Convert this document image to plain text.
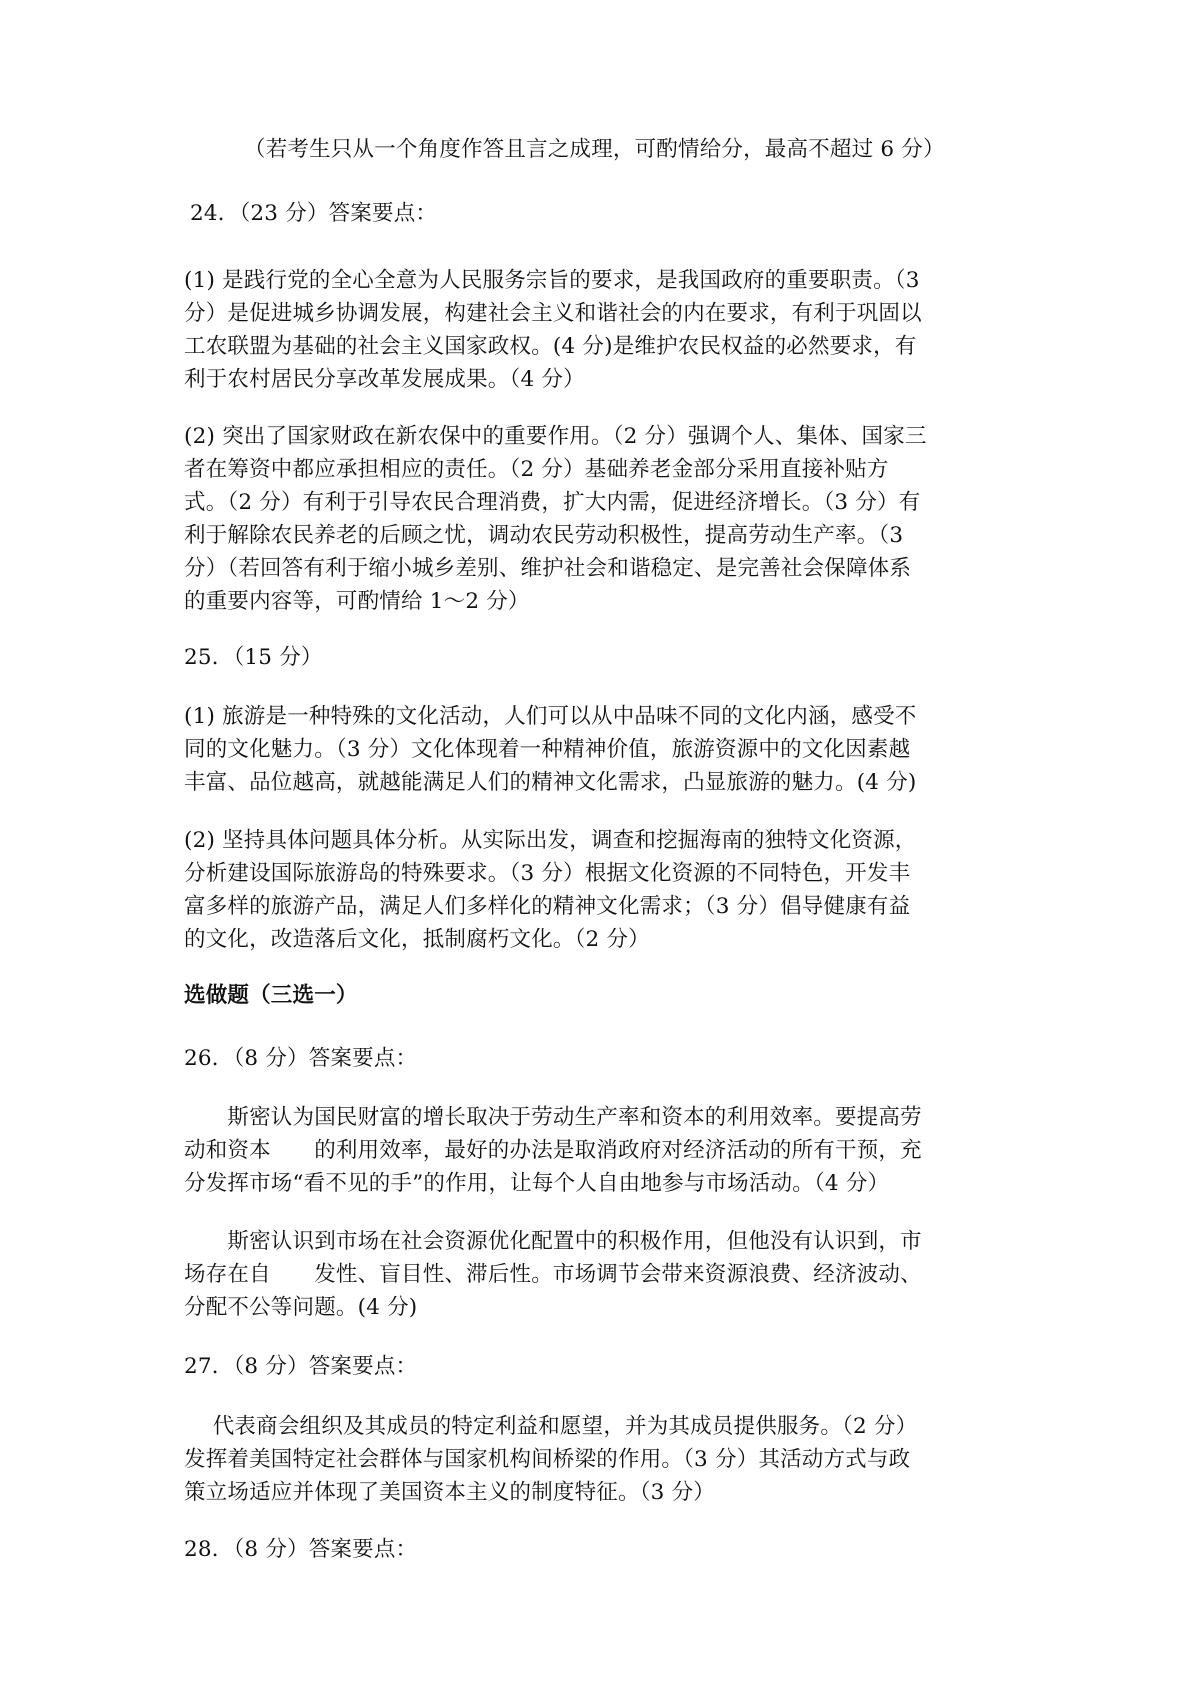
（若考生只从一个角度作答且言之成理，可酌情给分，最高不超过 6 分）

24．（23 分）答案要点：

(1) 是践行党的全心全意为人民服务宗旨的要求，是我国政府的重要职责。（3
分）是促进城乡协调发展，构建社会主义和谐社会的内在要求，有利于巩固以
工农联盟为基础的社会主义国家政权。(4 分)是维护农民权益的必然要求，有
利于农村居民分享改革发展成果。（4 分）

(2) 突出了国家财政在新农保中的重要作用。（2 分）强调个人、集体、国家三
者在筹资中都应承担相应的责任。（2 分）基础养老金部分采用直接补贴方
式。（2 分）有利于引导农民合理消费，扩大内需，促进经济增长。（3 分）有
利于解除农民养老的后顾之忧，调动农民劳动积极性，提高劳动生产率。（3
分）（若回答有利于缩小城乡差别、维护社会和谐稳定、是完善社会保障体系
的重要内容等，可酌情给 1～2 分）

25．（15 分）

(1) 旅游是一种特殊的文化活动，人们可以从中品味不同的文化内涵，感受不
同的文化魅力。（3 分）文化体现着一种精神价值，旅游资源中的文化因素越
丰富、品位越高，就越能满足人们的精神文化需求，凸显旅游的魅力。(4 分)

(2) 坚持具体问题具体分析。从实际出发，调查和挖掘海南的独特文化资源，
分析建设国际旅游岛的特殊要求。（3 分）根据文化资源的不同特色，开发丰
富多样的旅游产品，满足人们多样化的精神文化需求；（3 分）倡导健康有益
的文化，改造落后文化，抵制腐朽文化。（2 分）

选做题（三选一）

26．（8 分）答案要点：

　　斯密认为国民财富的增长取决于劳动生产率和资本的利用效率。要提高劳
动和资本　　的利用效率，最好的办法是取消政府对经济活动的所有干预，充
分发挥市场“看不见的手”的作用，让每个人自由地参与市场活动。（4 分）

　　斯密认识到市场在社会资源优化配置中的积极作用，但他没有认识到，市
场存在自　　发性、盲目性、滞后性。市场调节会带来资源浪费、经济波动、
分配不公等问题。(4 分)

27．（8 分）答案要点：

　 代表商会组织及其成员的特定利益和愿望，并为其成员提供服务。（2 分）
发挥着美国特定社会群体与国家机构间桥梁的作用。（3 分）其活动方式与政
策立场适应并体现了美国资本主义的制度特征。（3 分）

28．（8 分）答案要点：
